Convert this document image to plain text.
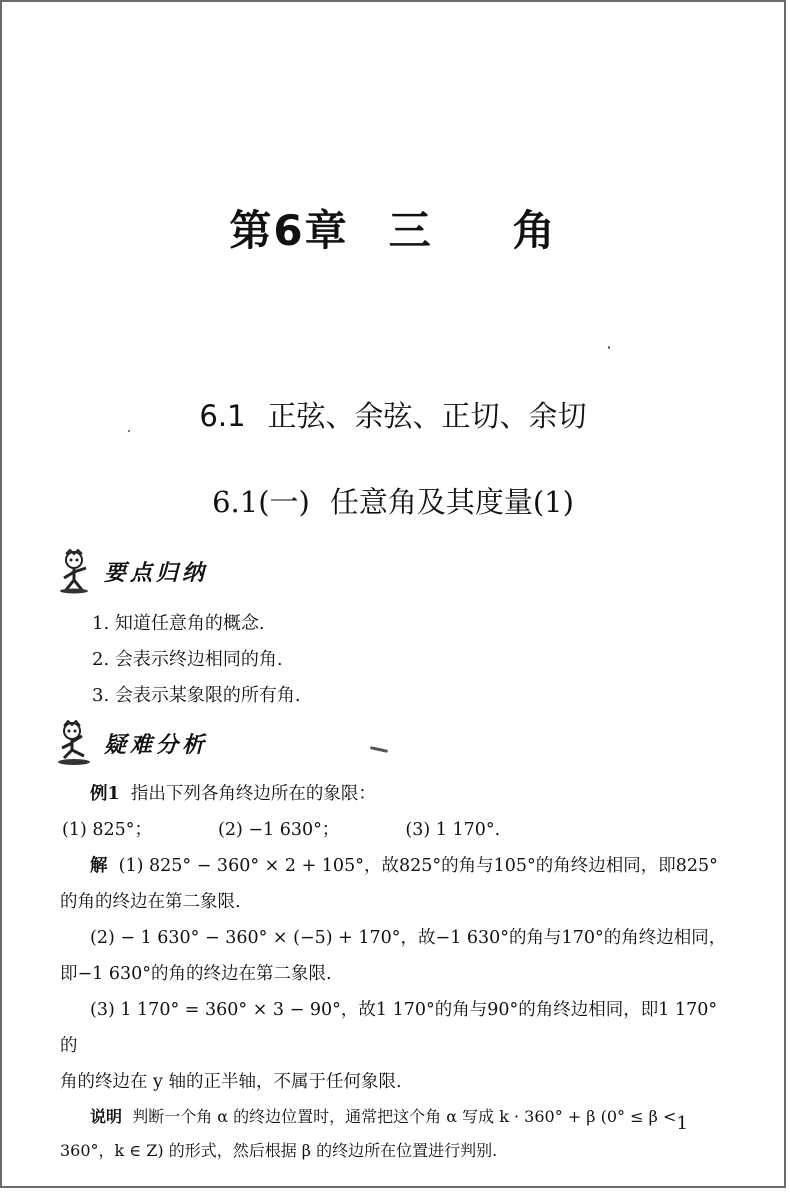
第6章 三 角
6.1 正弦、余弦、正切、余切
6.1(一) 任意角及其度量(1)
要点归纳
1. 知道任意角的概念.
2. 会表示终边相同的角.
3. 会表示某象限的所有角.
疑难分析
例1 指出下列各角终边所在的象限：
(1) 825°；	(2) −1 630°；	(3) 1 170°.
解 (1) 825° − 360° × 2 + 105°，故825°的角与105°的角终边相同，即825°
的角的终边在第二象限.
(2) − 1 630° − 360° × (−5) + 170°，故−1 630°的角与170°的角终边相同，
即−1 630°的角的终边在第二象限.
(3) 1 170° = 360° × 3 − 90°，故1 170°的角与90°的角终边相同，即1 170°的
角的终边在 y 轴的正半轴，不属于任何象限.
说明 判断一个角 α 的终边位置时，通常把这个角 α 写成 k · 360° + β (0° ≤ β <
360°，k ∈ Z) 的形式，然后根据 β 的终边所在位置进行判别.
1
